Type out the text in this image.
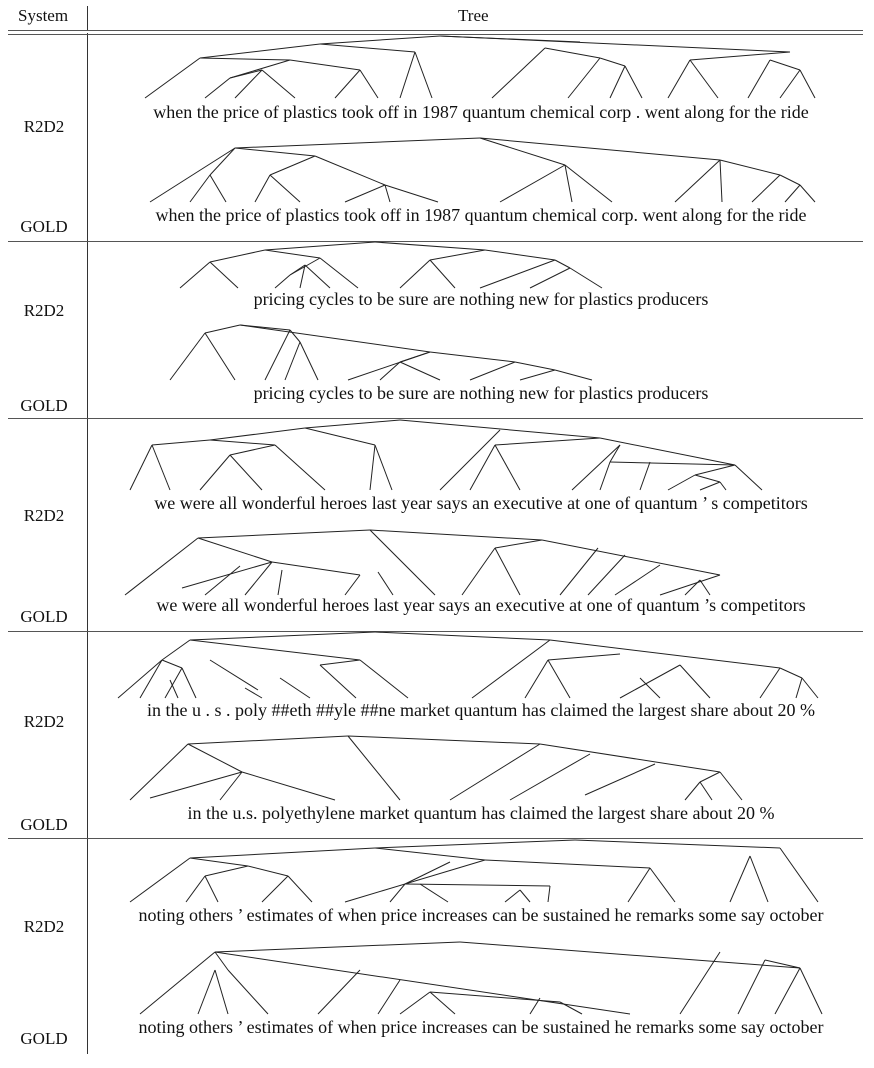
System	Tree
R2D2
GOLD
when the price of plastics took off in 1987 quantum chemical corp . went along for the ride
when the price of plastics took off in 1987 quantum chemical corp. went along for the ride
R2D2
GOLD
pricing cycles to be sure are nothing new for plastics producers
pricing cycles to be sure are nothing new for plastics producers
R2D2
GOLD
we were all wonderful heroes last year says an executive at one of quantum ’ s competitors
we were all wonderful heroes last year says an executive at one of quantum ’s competitors
R2D2
GOLD
in the u . s . poly ##eth ##yle ##ne market quantum has claimed the largest share about 20 %
in the u.s. polyethylene market quantum has claimed the largest share about 20 %
R2D2
GOLD
noting others ’ estimates of when price increases can be sustained he remarks some say october
noting others ’ estimates of when price increases can be sustained he remarks some say october
